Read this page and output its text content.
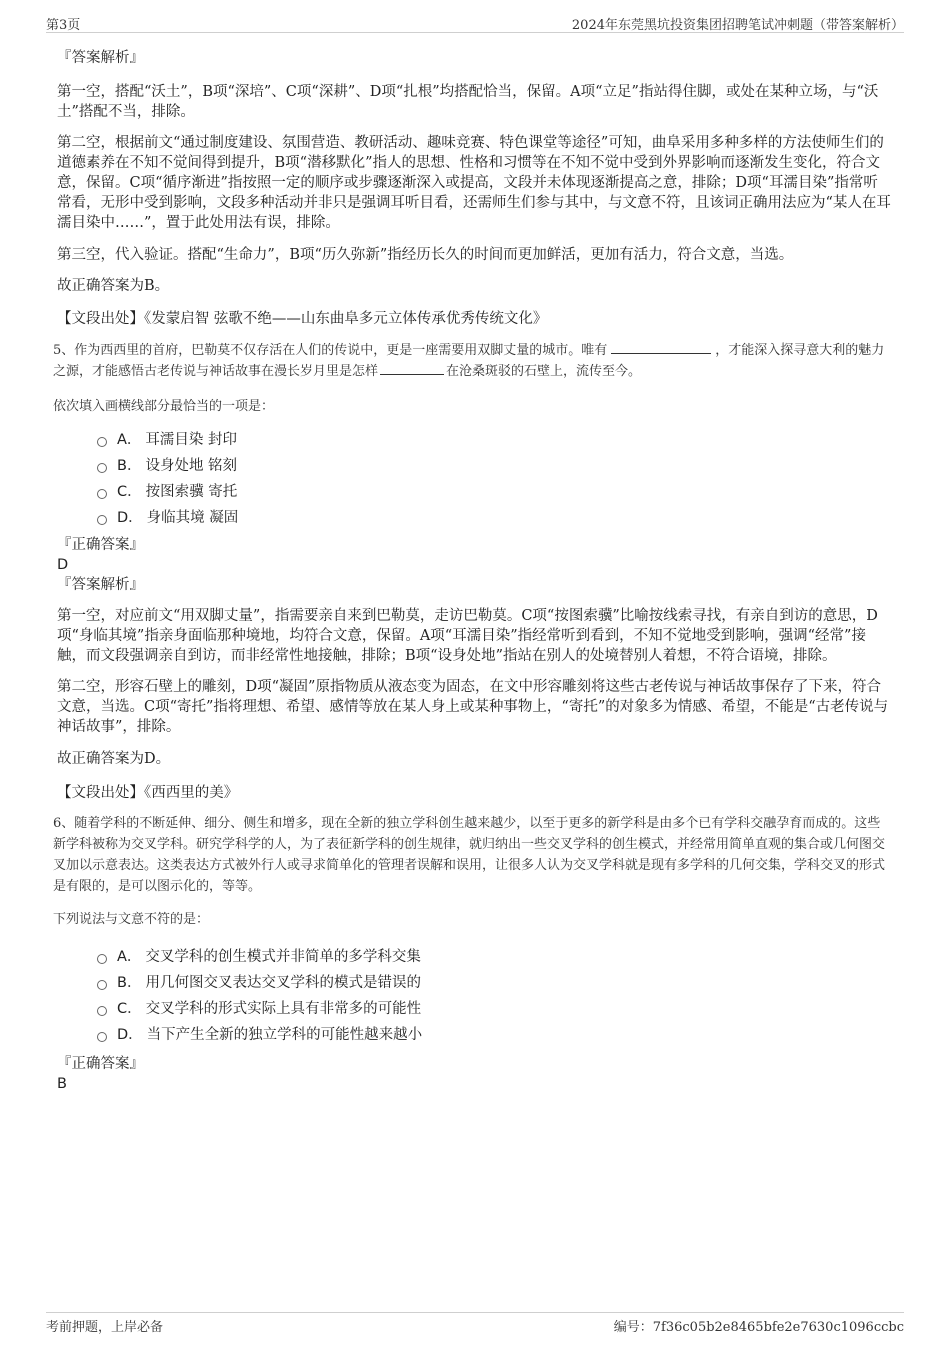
第3页	2024年东莞黑坑投资集团招聘笔试冲刺题（带答案解析）

『答案解析』

第一空，搭配“沃土”，B项“深培”、C项“深耕”、D项“扎根”均搭配恰当，保留。A项“立足”指站得住脚，或处在某种立场，与“沃土”搭配不当，排除。

第二空，根据前文“通过制度建设、氛围营造、教研活动、趣味竞赛、特色课堂等途径”可知，曲阜采用多种多样的方法使师生们的道德素养在不知不觉间得到提升，B项“潜移默化”指人的思想、性格和习惯等在不知不觉中受到外界影响而逐渐发生变化，符合文意，保留。C项“循序渐进”指按照一定的顺序或步骤逐渐深入或提高，文段并未体现逐渐提高之意，排除；D项“耳濡目染”指常听常看，无形中受到影响，文段多种活动并非只是强调耳听目看，还需师生们参与其中，与文意不符，且该词正确用法应为“某人在耳濡目染中……”，置于此处用法有误，排除。

第三空，代入验证。搭配“生命力”，B项“历久弥新”指经历长久的时间而更加鲜活，更加有活力，符合文意，当选。

故正确答案为B。

【文段出处】《发蒙启智 弦歌不绝——山东曲阜多元立体传承优秀传统文化》

5、作为西西里的首府，巴勒莫不仅存活在人们的传说中，更是一座需要用双脚丈量的城市。唯有	，才能深入探寻意大利的魅力之源，才能感悟古老传说与神话故事在漫长岁月里是怎样	在沧桑斑驳的石壁上，流传至今。

依次填入画横线部分最恰当的一项是：

A． 耳濡目染 封印
B． 设身处地 铭刻
C． 按图索骥 寄托
D． 身临其境 凝固

『正确答案』

D

『答案解析』

第一空，对应前文“用双脚丈量”，指需要亲自来到巴勒莫，走访巴勒莫。C项“按图索骥”比喻按线索寻找，有亲自到访的意思，D项“身临其境”指亲身面临那种境地，均符合文意，保留。A项“耳濡目染”指经常听到看到，不知不觉地受到影响，强调“经常”接触，而文段强调亲自到访，而非经常性地接触，排除；B项“设身处地”指站在别人的处境替别人着想，不符合语境，排除。

第二空，形容石壁上的雕刻，D项“凝固”原指物质从液态变为固态，在文中形容雕刻将这些古老传说与神话故事保存了下来，符合文意，当选。C项“寄托”指将理想、希望、感情等放在某人身上或某种事物上，“寄托”的对象多为情感、希望，不能是“古老传说与神话故事”，排除。

故正确答案为D。

【文段出处】《西西里的美》

6、随着学科的不断延伸、细分、侧生和增多，现在全新的独立学科创生越来越少，以至于更多的新学科是由多个已有学科交融孕育而成的。这些新学科被称为交叉学科。研究学科学的人，为了表征新学科的创生规律，就归纳出一些交叉学科的创生模式，并经常用简单直观的集合或几何图交叉加以示意表达。这类表达方式被外行人或寻求简单化的管理者误解和误用，让很多人认为交叉学科就是现有多学科的几何交集，学科交叉的形式是有限的，是可以图示化的，等等。

下列说法与文意不符的是：

A． 交叉学科的创生模式并非简单的多学科交集
B． 用几何图交叉表达交叉学科的模式是错误的
C． 交叉学科的形式实际上具有非常多的可能性
D． 当下产生全新的独立学科的可能性越来越小

『正确答案』

B

考前押题，上岸必备	编号：7f36c05b2e8465bfe2e7630c1096ccbc
